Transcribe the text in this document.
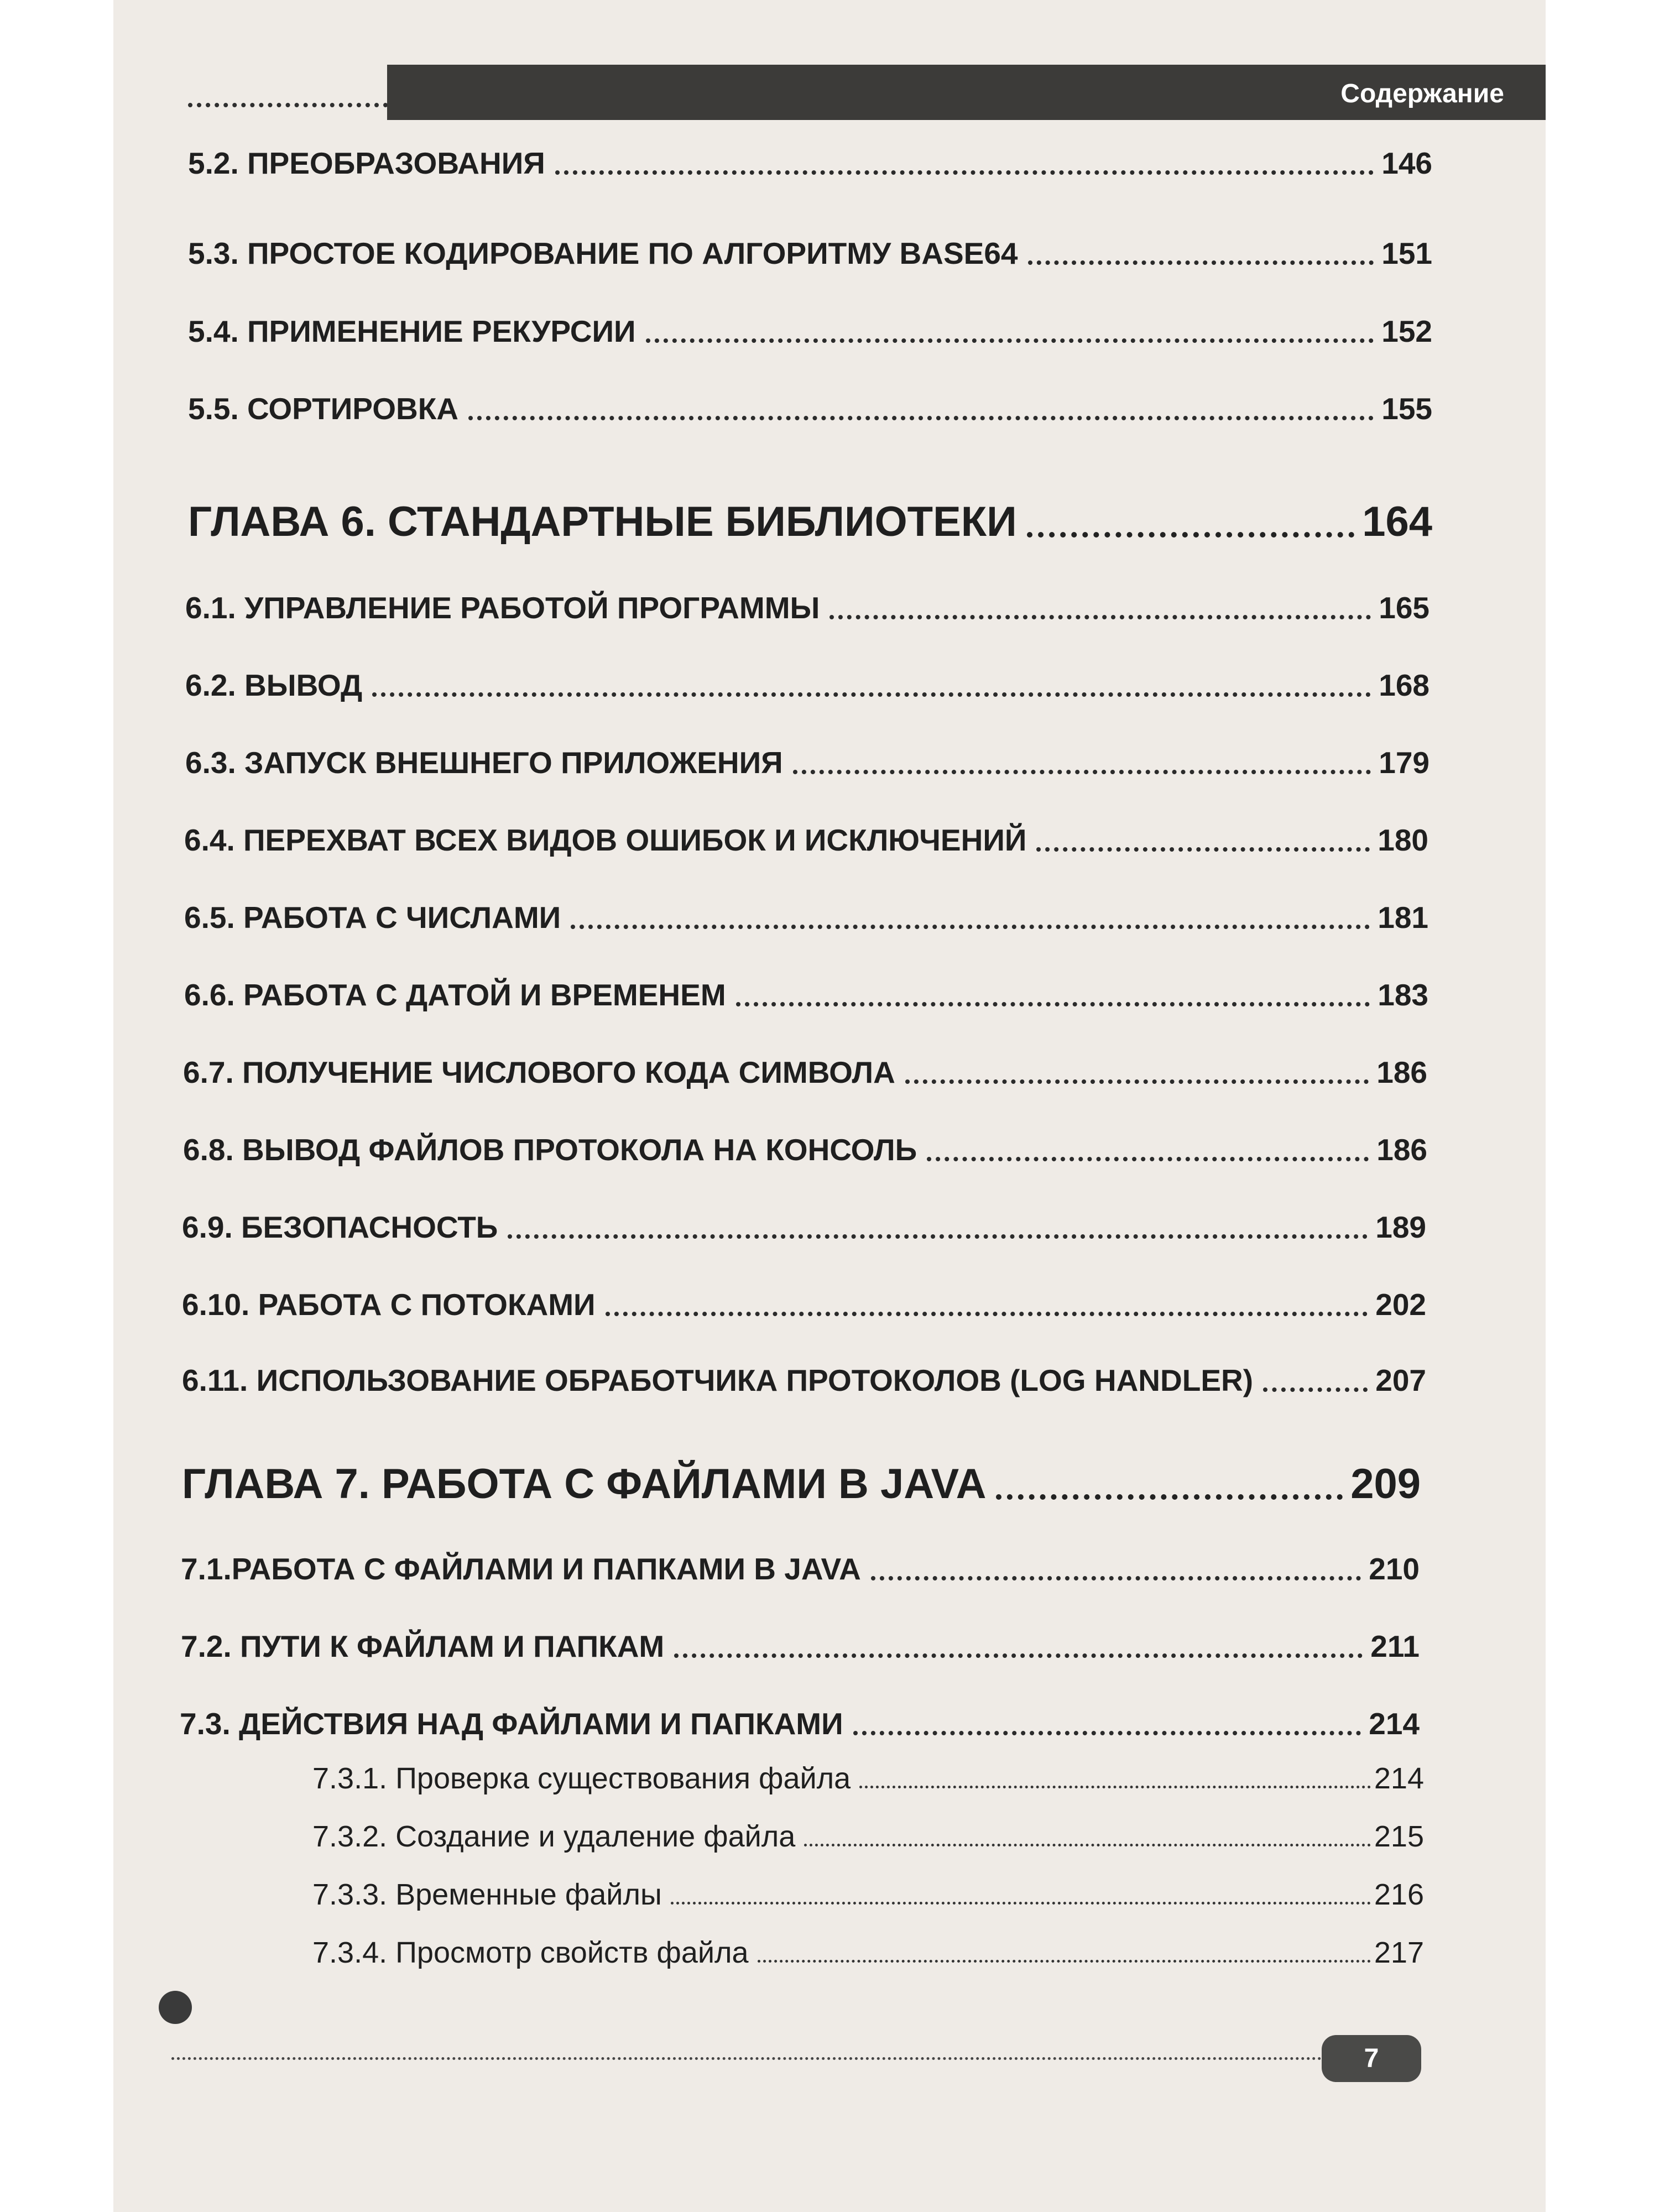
Содержание
5.2. ПРЕОБРАЗОВАНИЯ	146
5.3. ПРОСТОЕ КОДИРОВАНИЕ ПО АЛГОРИТМУ BASE64	151
5.4. ПРИМЕНЕНИЕ РЕКУРСИИ	152
5.5. СОРТИРОВКА	155
ГЛАВА 6. СТАНДАРТНЫЕ БИБЛИОТЕКИ	164
6.1. УПРАВЛЕНИЕ РАБОТОЙ ПРОГРАММЫ	165
6.2. ВЫВОД	168
6.3. ЗАПУСК ВНЕШНЕГО ПРИЛОЖЕНИЯ	179
6.4. ПЕРЕХВАТ ВСЕХ ВИДОВ ОШИБОК И ИСКЛЮЧЕНИЙ	180
6.5. РАБОТА С ЧИСЛАМИ	181
6.6. РАБОТА С ДАТОЙ И ВРЕМЕНЕМ	183
6.7. ПОЛУЧЕНИЕ ЧИСЛОВОГО КОДА СИМВОЛА	186
6.8. ВЫВОД ФАЙЛОВ ПРОТОКОЛА НА КОНСОЛЬ	186
6.9. БЕЗОПАСНОСТЬ	189
6.10. РАБОТА С ПОТОКАМИ	202
6.11. ИСПОЛЬЗОВАНИЕ ОБРАБОТЧИКА ПРОТОКОЛОВ (LOG HANDLER)	207
ГЛАВА 7. РАБОТА С ФАЙЛАМИ В JAVA	209
7.1.РАБОТА С ФАЙЛАМИ И ПАПКАМИ В JAVA	210
7.2. ПУТИ К ФАЙЛАМ И ПАПКАМ	211
7.3. ДЕЙСТВИЯ НАД ФАЙЛАМИ И ПАПКАМИ	214
7.3.1. Проверка существования файла	214
7.3.2. Создание и удаление файла	215
7.3.3. Временные файлы	216
7.3.4. Просмотр свойств файла	217
7
